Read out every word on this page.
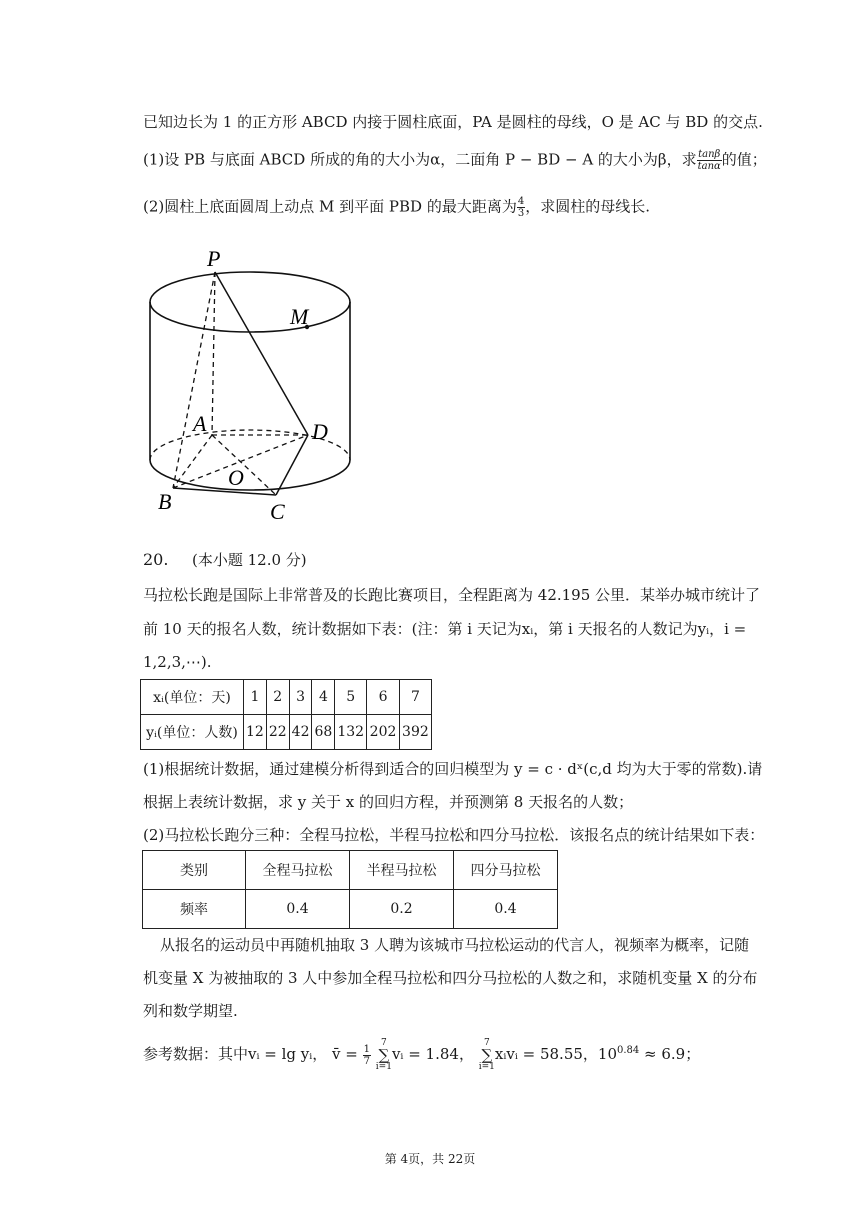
已知边长为 1 的正方形 ABCD 内接于圆柱底面，PA 是圆柱的母线，O 是 AC 与 BD 的交点.
(1)设 PB 与底面 ABCD 所成的角的大小为α，二面角 P − BD − A 的大小为β，求 $\frac{\tan\beta}{\tan\alpha}$ 的值；
(2)圆柱上底面圆周上动点 M 到平面 PBD 的最大距离为 $\frac{4}{3}$ ，求圆柱的母线长.
P
M
A	D
O
B	C
20. (本小题 12.0 分)
马拉松长跑是国际上非常普及的长跑比赛项目，全程距离为 42.195 公里．某举办城市统计了
前 10 天的报名人数，统计数据如下表：(注：第 i 天记为xᵢ，第 i 天报名的人数记为yᵢ，i =
1,2,3,⋯).
xᵢ(单位：天)	1	2	3	4	5	6	7
yᵢ(单位：人数)	12	22	42	68	132	202	392
(1)根据统计数据，通过建模分析得到适合的回归模型为 y = c · dˣ(c,d 均为大于零的常数).请
根据上表统计数据，求 y 关于 x 的回归方程，并预测第 8 天报名的人数；
(2)马拉松长跑分三种：全程马拉松，半程马拉松和四分马拉松．该报名点的统计结果如下表：
类别	全程马拉松	半程马拉松	四分马拉松
频率	0.4	0.2	0.4
从报名的运动员中再随机抽取 3 人聘为该城市马拉松运动的代言人，视频率为概率，记随
机变量 X 为被抽取的 3 人中参加全程马拉松和四分马拉松的人数之和，求随机变量 X 的分布
列和数学期望.
参考数据：其中vᵢ = lg yᵢ， v̄ = $\frac{1}{7}$

7
∑
i=1
vᵢ = 1.84，
7
∑
i=1
xᵢvᵢ = 58.55，$10^{0.84} \approx 6.9$；
第 4页，共 22页
